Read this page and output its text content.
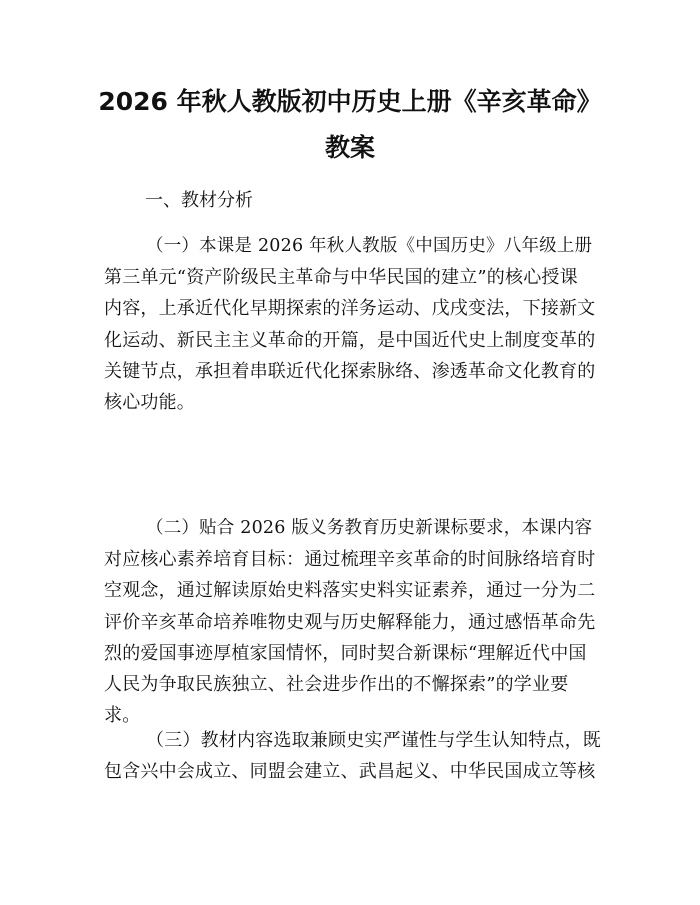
2026 年秋人教版初中历史上册《辛亥革命》
教案

一、教材分析

（一）本课是 2026 年秋人教版《中国历史》八年级上册
第三单元“资产阶级民主革命与中华民国的建立”的核心授课
内容，上承近代化早期探索的洋务运动、戊戌变法，下接新文
化运动、新民主主义革命的开篇，是中国近代史上制度变革的
关键节点，承担着串联近代化探索脉络、渗透革命文化教育的
核心功能。
（二）贴合 2026 版义务教育历史新课标要求，本课内容
对应核心素养培育目标：通过梳理辛亥革命的时间脉络培育时
空观念，通过解读原始史料落实史料实证素养，通过一分为二
评价辛亥革命培养唯物史观与历史解释能力，通过感悟革命先
烈的爱国事迹厚植家国情怀，同时契合新课标“理解近代中国
人民为争取民族独立、社会进步作出的不懈探索”的学业要
求。
（三）教材内容选取兼顾史实严谨性与学生认知特点，既
包含兴中会成立、同盟会建立、武昌起义、中华民国成立等核
